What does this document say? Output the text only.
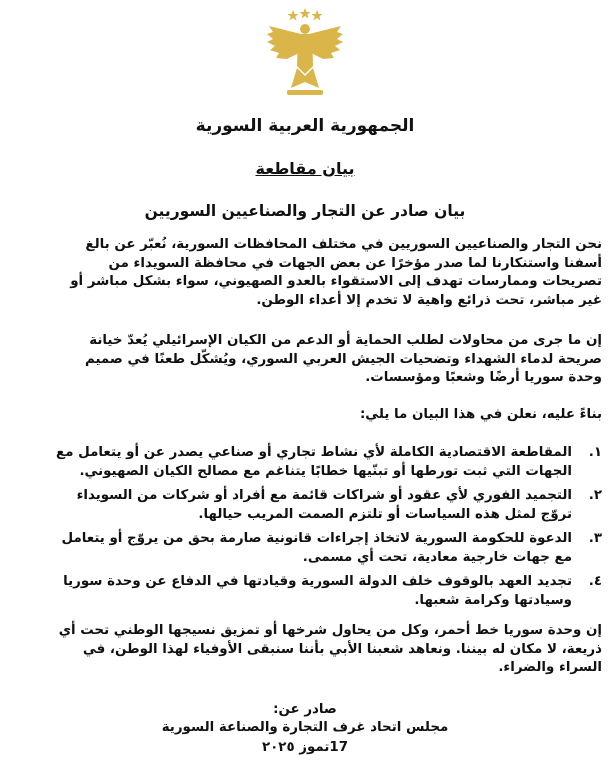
الجمهورية العربية السورية
بيان مقاطعة
بيان صادر عن التجار والصناعيين السوريين
نحن التجار والصناعيين السوريين في مختلف المحافظات السورية، نُعبّر عن بالغ أسفنا واستنكارنا لما صدر مؤخرًا عن بعض الجهات في محافظة السويداء من تصريحات وممارسات تهدف إلى الاستقواء بالعدو الصهيوني، سواء بشكل مباشر أو غير مباشر، تحت ذرائع واهية لا تخدم إلا أعداء الوطن.
إن ما جرى من محاولات لطلب الحماية أو الدعم من الكيان الإسرائيلي يُعدّ خيانة صريحة لدماء الشهداء وتضحيات الجيش العربي السوري، ويُشكّل طعنًا في صميم وحدة سوريا أرضًا وشعبًا ومؤسسات.
بناءً عليه، نعلن في هذا البيان ما يلي:
١.
المقاطعة الاقتصادية الكاملة لأي نشاط تجاري أو صناعي يصدر عن أو يتعامل مع الجهات التي ثبت تورطها أو تبنّيها خطابًا يتناغم مع مصالح الكيان الصهيوني.
٢.
التجميد الفوري لأي عقود أو شراكات قائمة مع أفراد أو شركات من السويداء تروّج لمثل هذه السياسات أو تلتزم الصمت المريب حيالها.
٣.
الدعوة للحكومة السورية لاتخاذ إجراءات قانونية صارمة بحق من يروّج أو يتعامل مع جهات خارجية معادية، تحت أي مسمى.
٤.
تجديد العهد بالوقوف خلف الدولة السورية وقيادتها في الدفاع عن وحدة سوريا وسيادتها وكرامة شعبها.
إن وحدة سوريا خط أحمر، وكل من يحاول شرخها أو تمزيق نسيجها الوطني تحت أي ذريعة، لا مكان له بيننا. ونعاهد شعبنا الأبي بأننا سنبقى الأوفياء لهذا الوطن، في السراء والضراء.
صادر عن:
مجلس اتحاد غرف التجارة والصناعة السورية
17تموز ٢٠٢٥
